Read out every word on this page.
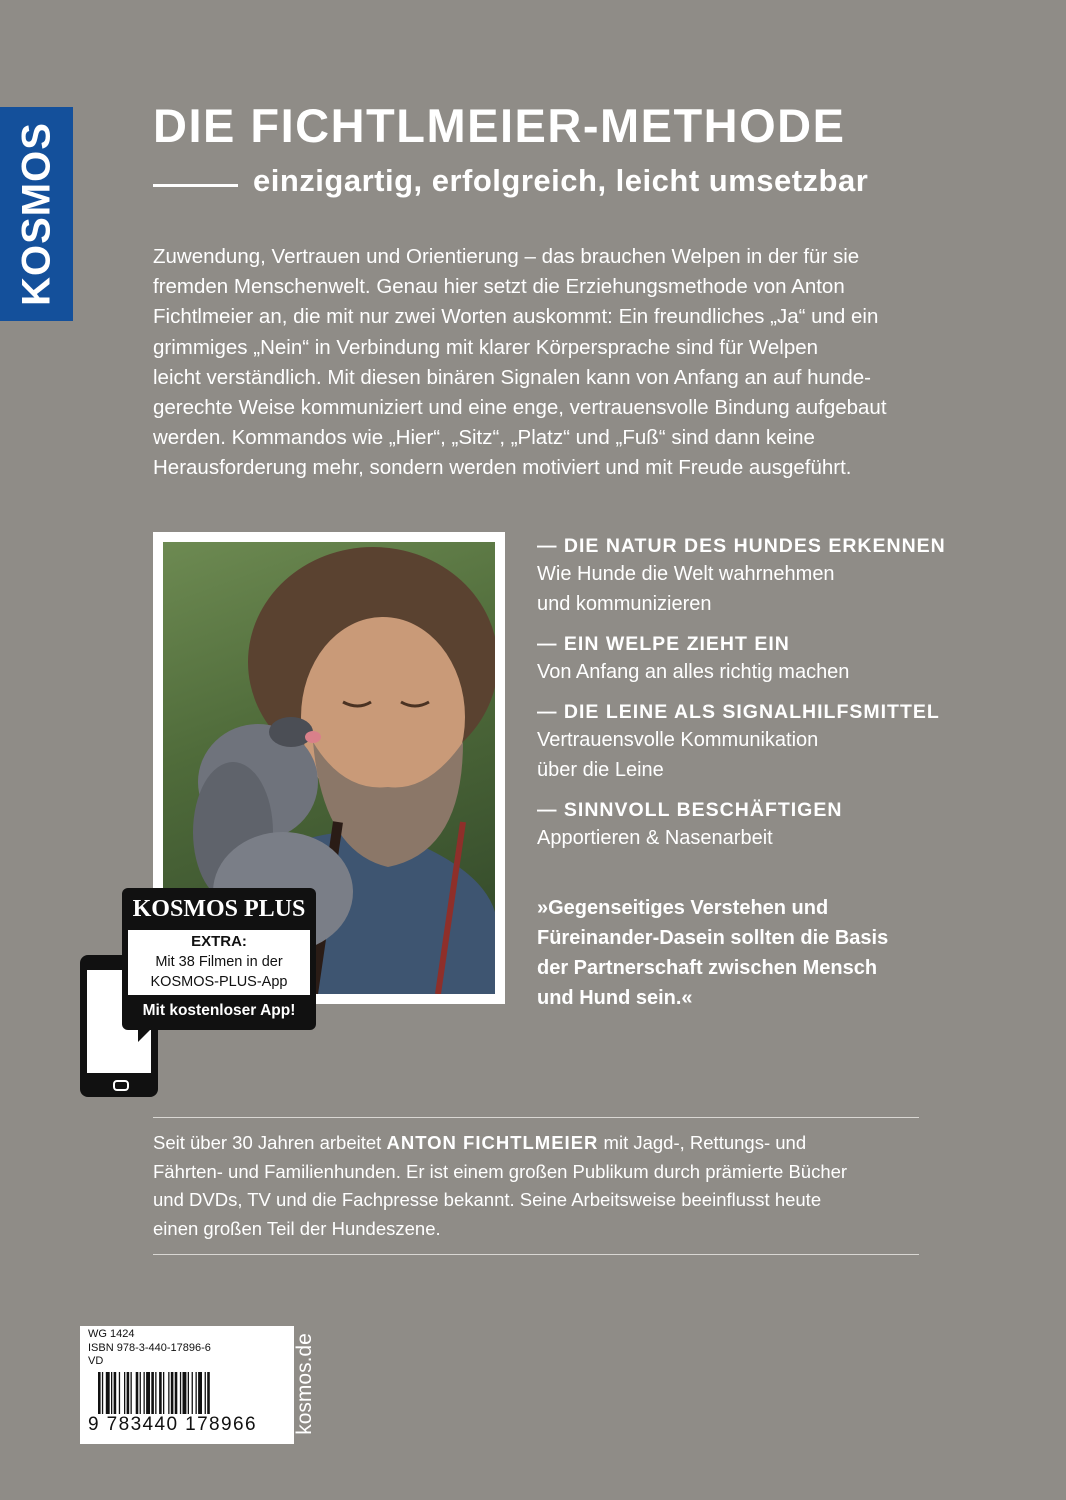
KOSMOS DIE FICHTLMEIER-METHODE
einzigartig, erfolgreich, leicht umsetzbar
Zuwendung, Vertrauen und Orientierung – das brauchen Welpen in der für sie
fremden Menschenwelt. Genau hier setzt die Erziehungsmethode von Anton
Fichtlmeier an, die mit nur zwei Worten auskommt: Ein freundliches „Ja“ und ein
grimmiges „Nein“ in Verbindung mit klarer Körpersprache sind für Welpen
leicht verständlich. Mit diesen binären Signalen kann von Anfang an auf hunde-
gerechte Weise kommuniziert und eine enge, vertrauensvolle Bindung aufgebaut
werden. Kommandos wie „Hier“, „Sitz“, „Platz“ und „Fuß“ sind dann keine
Herausforderung mehr, sondern werden motiviert und mit Freude ausgeführt.
— DIE NATUR DES HUNDES ERKENNEN
Wie Hunde die Welt wahrnehmen
und kommunizieren
— EIN WELPE ZIEHT EIN
Von Anfang an alles richtig machen
— DIE LEINE ALS SIGNALHILFSMITTEL
Vertrauensvolle Kommunikation
über die Leine
— SINNVOLL BESCHÄFTIGEN
Apportieren & Nasenarbeit
»Gegenseitiges Verstehen und
Füreinander-Dasein sollten die Basis
der Partnerschaft zwischen Mensch
und Hund sein.«
KOSMOS PLUS
EXTRA:
Mit 38 Filmen in der
KOSMOS-PLUS-App
Mit kostenloser App!
Seit über 30 Jahren arbeitet ANTON FICHTLMEIER mit Jagd-, Rettungs- und
Fährten- und Familienhunden. Er ist einem großen Publikum durch prämierte Bücher
und DVDs, TV und die Fachpresse bekannt. Seine Arbeitsweise beeinflusst heute
einen großen Teil der Hundeszene.
WG 1424
ISBN 978-3-440-17896-6
VD
9 783440 178966 kosmos.de
